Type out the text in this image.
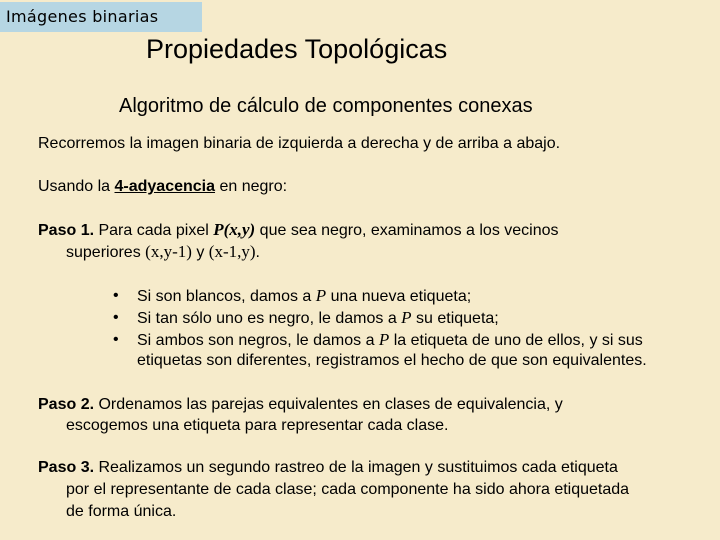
Imágenes binarias
Propiedades Topológicas
Algoritmo de cálculo de componentes conexas
Recorremos la imagen binaria de izquierda a derecha y de arriba a abajo.
Usando la 4-adyacencia en negro:
Paso 1. Para cada pixel P(x,y) que sea negro, examinamos a los vecinos
superiores (x,y-1) y (x-1,y).
• Si son blancos, damos a P una nueva etiqueta;
• Si tan sólo uno es negro, le damos a P su etiqueta;
• Si ambos son negros, le damos a P la etiqueta de uno de ellos, y si sus
etiquetas son diferentes, registramos el hecho de que son equivalentes.
Paso 2. Ordenamos las parejas equivalentes en clases de equivalencia, y
escogemos una etiqueta para representar cada clase.
Paso 3. Realizamos un segundo rastreo de la imagen y sustituimos cada etiqueta
por el representante de cada clase; cada componente ha sido ahora etiquetada
de forma única.
